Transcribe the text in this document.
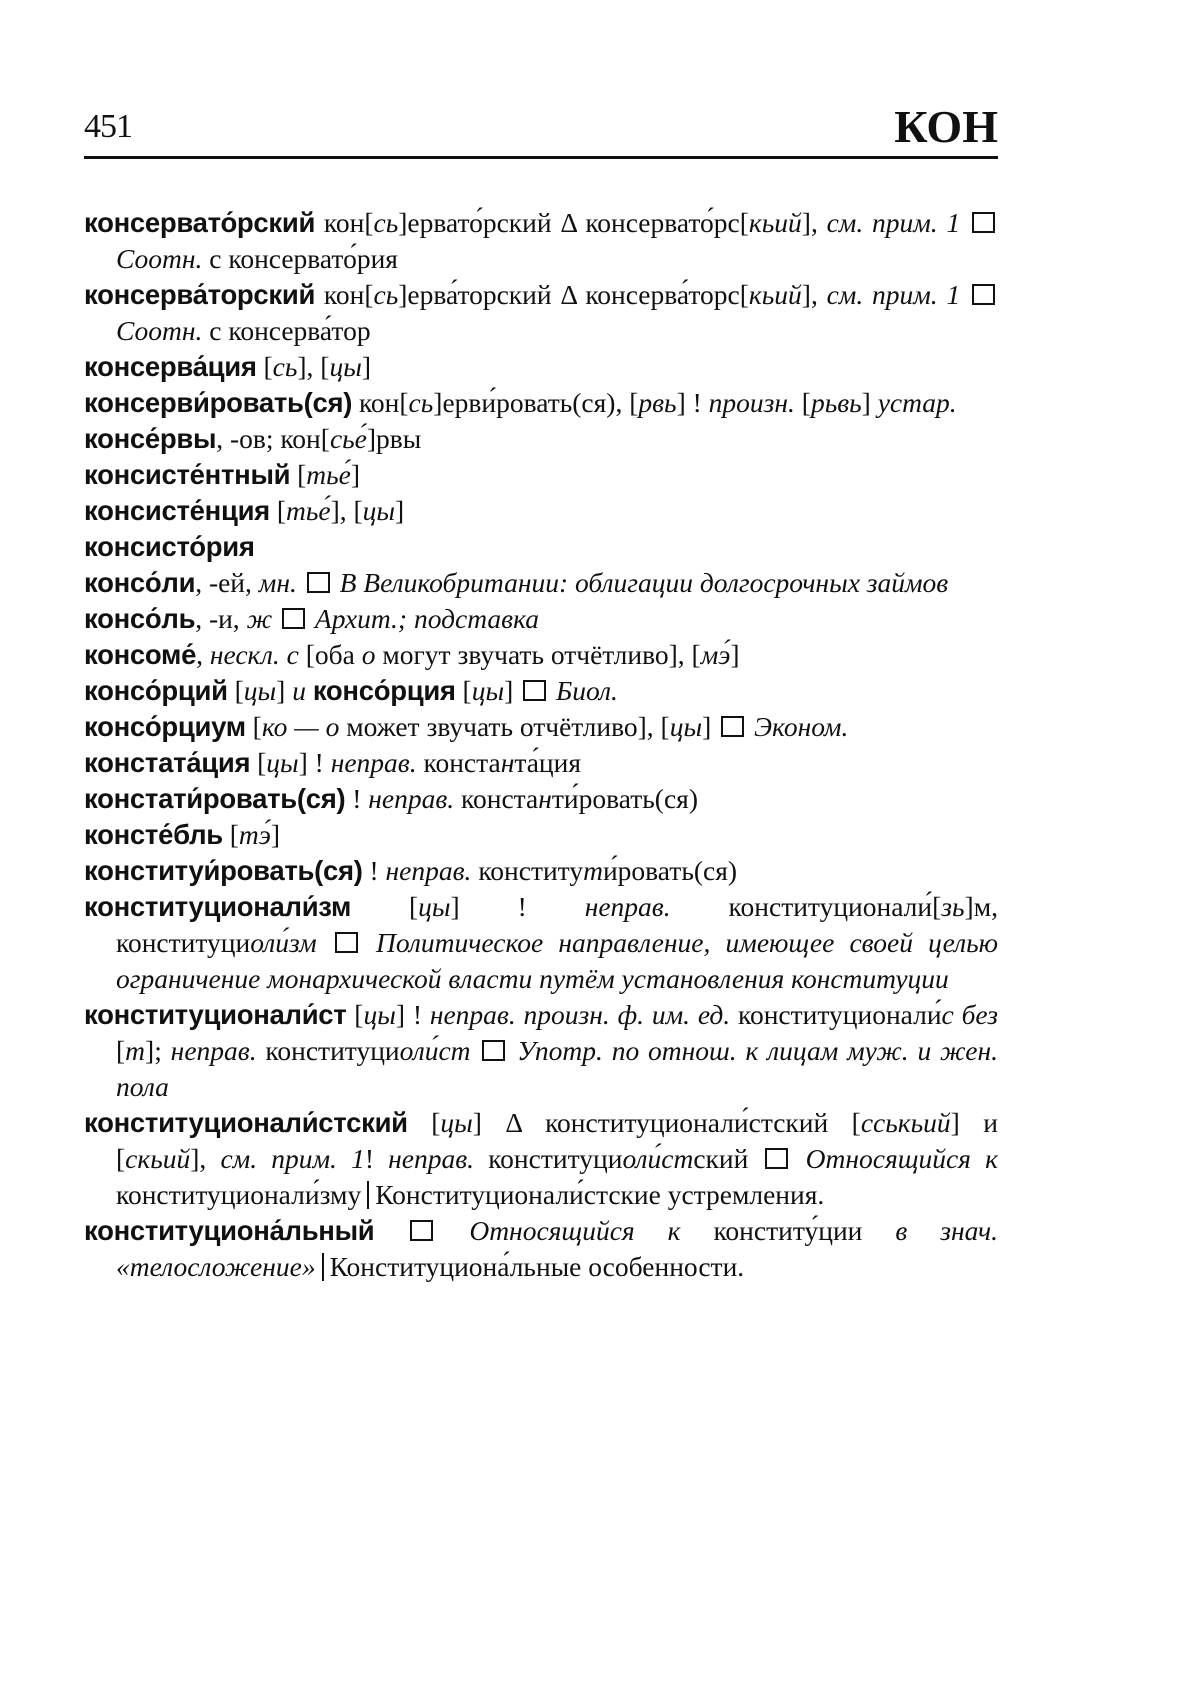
451	КОН
консервато́рский кон[сь]ервато́рский Δ консервато́рс[кьий], см. прим. 1  Соотн. с консервато́рия
консерва́торский кон[сь]ерва́торский Δ консерва́торс[кьий], см. прим. 1  Соотн. с консерва́тор
консерва́ция [сь], [цы]
консерви́ровать(ся) кон[сь]ерви́ровать(ся), [рвь] ! произн. [рьвь] устар.
консе́рвы, -ов; кон[сье́]рвы
консисте́нтный [тье́]
консисте́нция [тье́], [цы]
консисто́рия
консо́ли, -ей, мн.  В Великобритании: облигации долгосрочных займов
консо́ль, -и, ж  Архит.; подставка
консоме́, нескл. с [оба о могут звучать отчётливо], [мэ́]
консо́рций [цы] и консо́рция [цы]  Биол.
консо́рциум [ко — о может звучать отчётливо], [цы]  Эконом.
констата́ция [цы] ! неправ. константа́ция
констати́ровать(ся) ! неправ. константи́ровать(ся)
консте́бль [тэ́]
конституи́ровать(ся) ! неправ. конститути́ровать(ся)
конституционали́зм [цы] ! неправ. конституционали́[зь]м, конституциоли́зм  Политическое направление, имеющее своей целью ограничение монархической власти путём установления конституции
конституционали́ст [цы] ! неправ. произн. ф. им. ед. конституционали́с без [т]; неправ. конституциоли́ст  Употр. по отнош. к лицам муж. и жен. пола
конституционали́стский [цы] Δ конституционали́стский [сськьий] и [скьий], см. прим. 1! неправ. конституциоли́стский  Относящийся к конституционали́зму Конституционали́стские устремления.
конституциона́льный  Относящийся к конститу́ции в знач. «телосложение» Конституциона́льные особенности.
